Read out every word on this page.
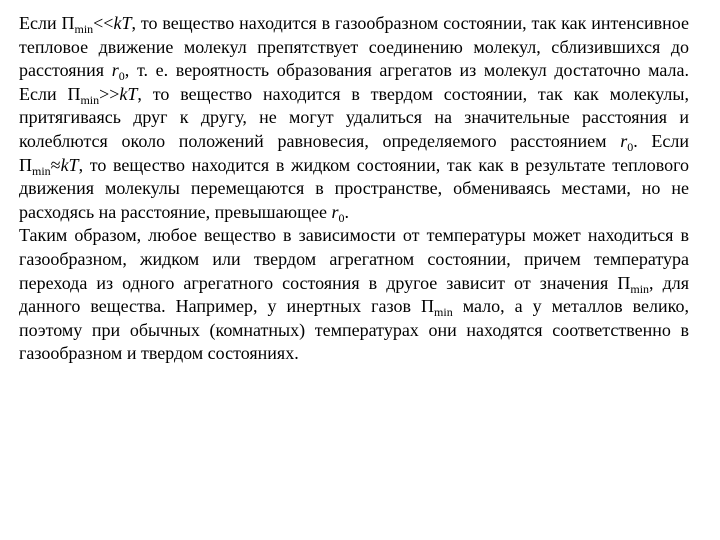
Если $П_{min}<<kT$, то вещество находится в газообразном состоянии, так как интенсивное тепловое движение молекул препятствует соединению молекул, сблизившихся до расстояния $r_0$, т. е. вероятность образования агрегатов из молекул достаточно мала. Если $П_{min}>>kT$, то вещество находится в твердом состоянии, так как молекулы, притягиваясь друг к другу, не могут удалиться на значительные расстояния и колеблются около положений равновесия, определяемого расстоянием $r_0$. Если $П_{min}\approx kT$, то вещество находится в жидком состоянии, так как в результате теплового движения молекулы перемещаются в пространстве, обмениваясь местами, но не расходясь на расстояние, превышающее $r_0$.

Таким образом, любое вещество в зависимости от температуры может находиться в газообразном, жидком или твердом агрегатном состоянии, причем температура перехода из одного агрегатного состояния в другое зависит от значения $П_{min}$, для данного вещества. Например, у инертных газов $П_{min}$ мало, а у металлов велико, поэтому при обычных (комнатных) температурах они находятся соответственно в газообразном и твердом состояниях.
